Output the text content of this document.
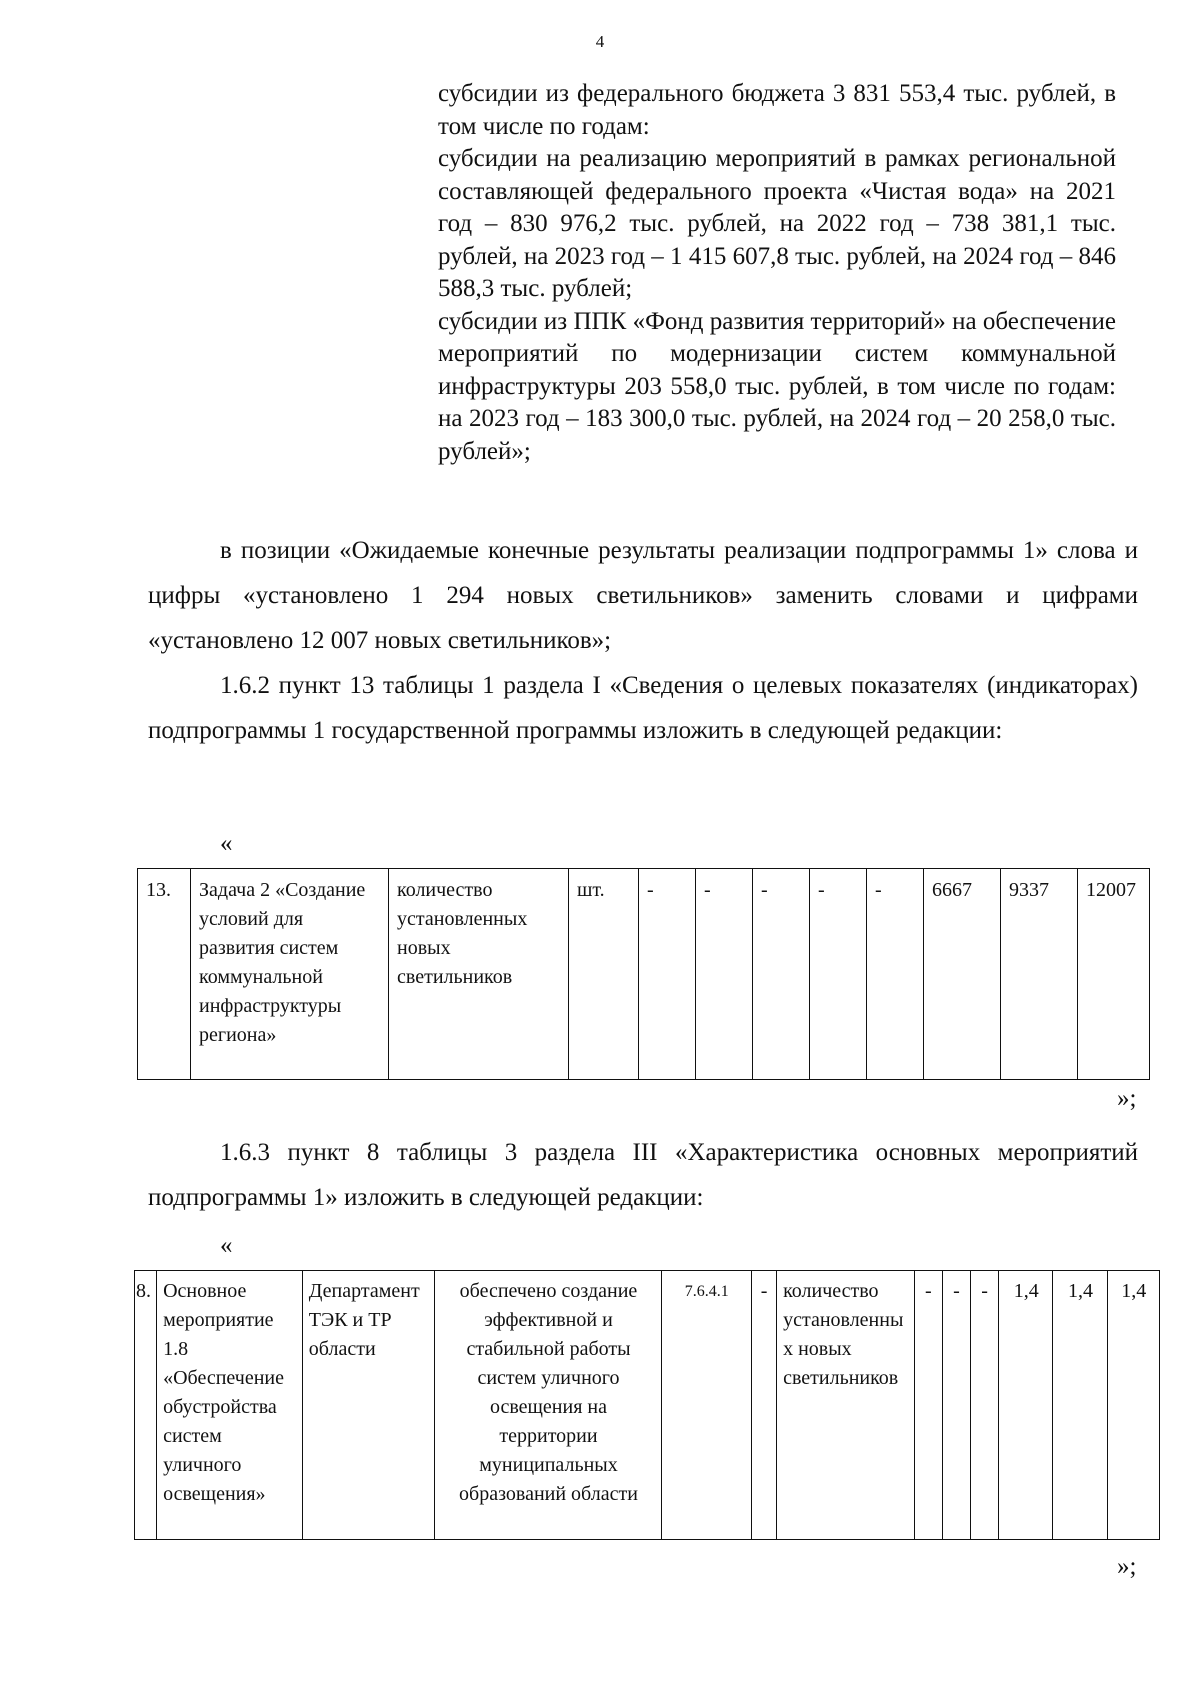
4

субсидии из федерального бюджета 3 831 553,4 тыс. рублей, в том числе по годам:

субсидии на реализацию мероприятий в рамках региональной составляющей федерального проекта «Чистая вода» на 2021 год – 830 976,2 тыс. рублей, на 2022 год – 738 381,1 тыс. рублей, на 2023 год – 1 415 607,8 тыс. рублей, на 2024 год – 846 588,3 тыс. рублей;

субсидии из ППК «Фонд развития территорий» на обеспечение мероприятий по модернизации систем коммунальной инфраструктуры 203 558,0 тыс. рублей, в том числе по годам: на 2023 год – 183 300,0 тыс. рублей, на 2024 год – 20 258,0 тыс. рублей»;

в позиции «Ожидаемые конечные результаты реализации подпрограммы 1» слова и цифры «установлено 1 294 новых светильников» заменить словами и цифрами «установлено 12 007 новых светильников»;

1.6.2 пункт 13 таблицы 1 раздела I «Сведения о целевых показателях (индикаторах) подпрограммы 1 государственной программы изложить в следующей редакции:

«
13.	Задача 2 «Создание условий для развития систем коммунальной инфраструктуры региона»	количество установленных новых светильников	шт.	-	-	-	-	-	6667	9337	12007
»;

1.6.3 пункт 8 таблицы 3 раздела III «Характеристика основных мероприятий подпрограммы 1» изложить в следующей редакции:

«
8.	Основное мероприятие 1.8 «Обеспечение обустройства систем уличного освещения»	Департамент ТЭК и ТР области	обеспечено создание эффективной и стабильной работы систем уличного освещения на территории муниципальных образований области	7.6.4.1	-	количество установленных новых светильников	-	-	-	1,4	1,4	1,4
»;
